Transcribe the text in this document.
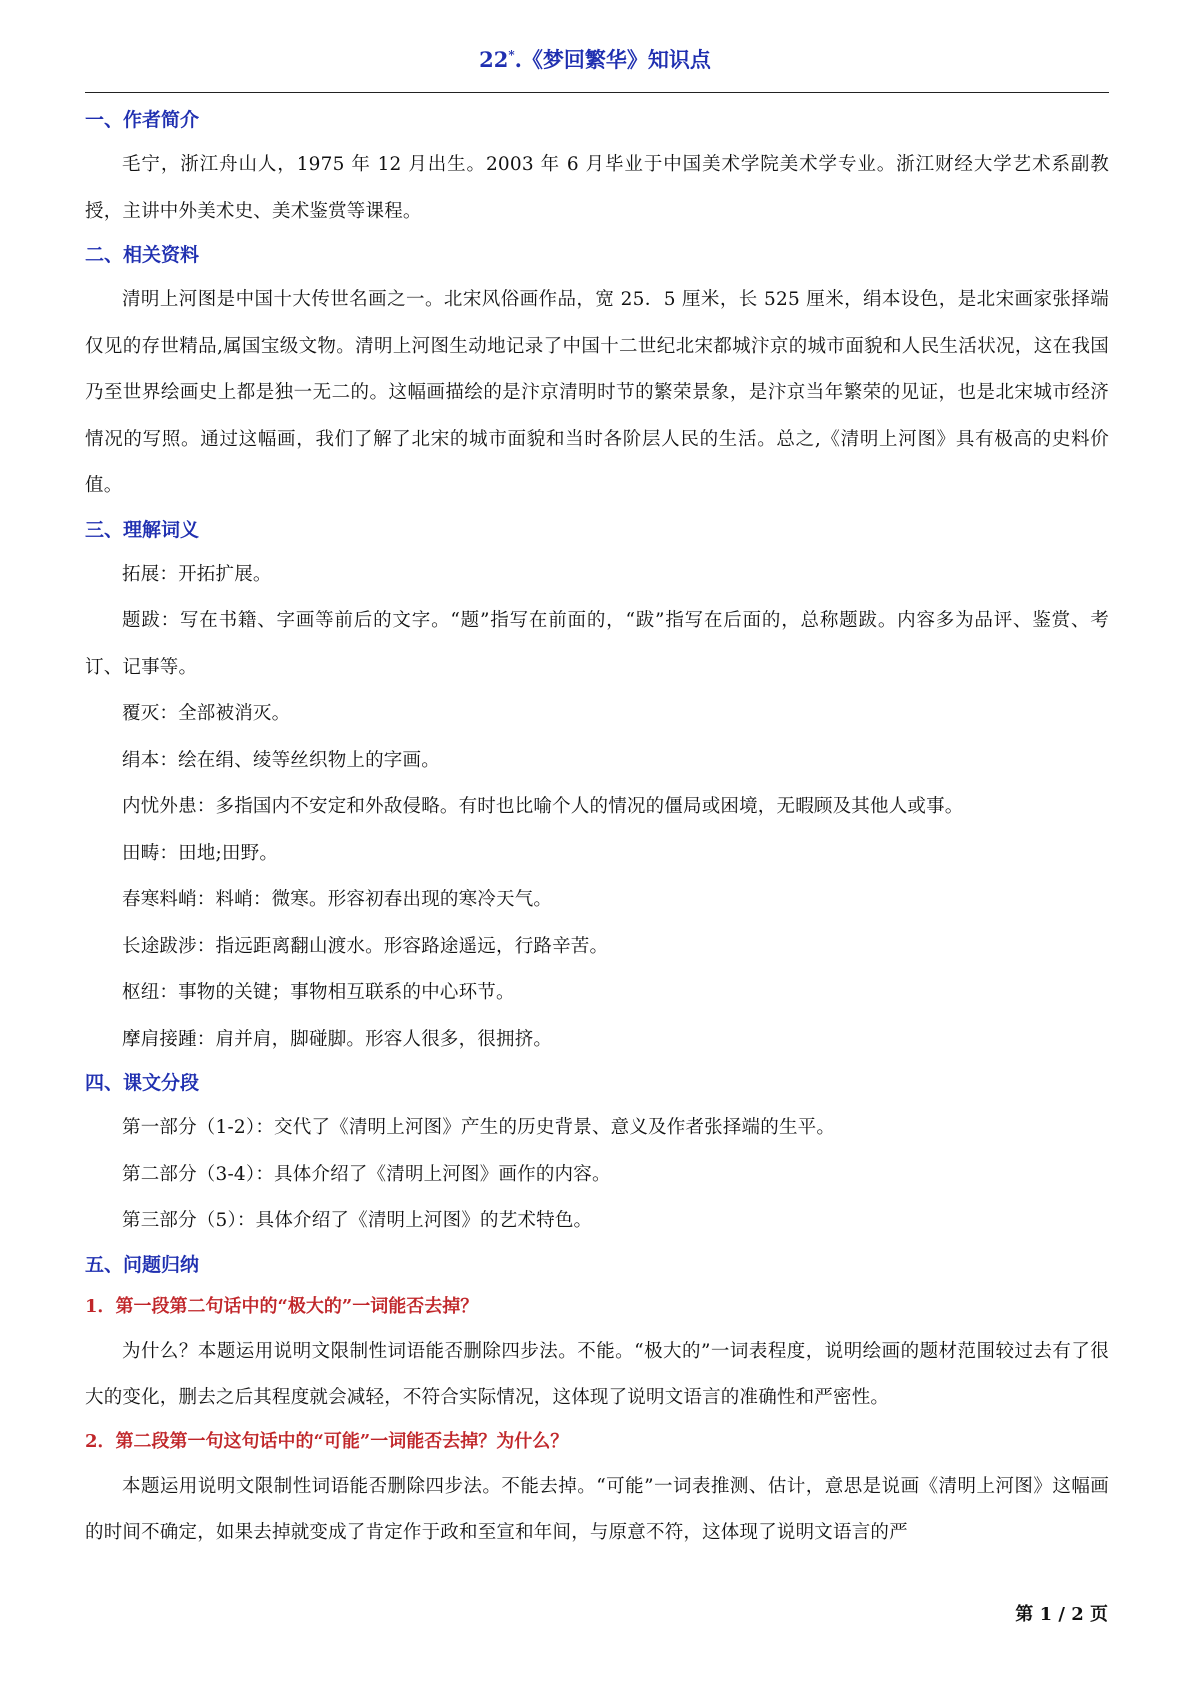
22*.《梦回繁华》知识点
一、作者简介

毛宁，浙江舟山人，1975 年 12 月出生。2003 年 6 月毕业于中国美术学院美术学专业。浙江财经大学艺术系副教授，主讲中外美术史、美术鉴赏等课程。

二、相关资料

清明上河图是中国十大传世名画之一。北宋风俗画作品，宽 25．5 厘米，长 525 厘米，绢本设色，是北宋画家张择端仅见的存世精品,属国宝级文物。清明上河图生动地记录了中国十二世纪北宋都城汴京的城市面貌和人民生活状况，这在我国乃至世界绘画史上都是独一无二的。这幅画描绘的是汴京清明时节的繁荣景象，是汴京当年繁荣的见证，也是北宋城市经济情况的写照。通过这幅画，我们了解了北宋的城市面貌和当时各阶层人民的生活。总之,《清明上河图》具有极高的史料价值。

三、理解词义

拓展：开拓扩展。

题跋：写在书籍、字画等前后的文字。“题”指写在前面的，“跋”指写在后面的，总称题跋。内容多为品评、鉴赏、考订、记事等。

覆灭：全部被消灭。

绢本：绘在绢、绫等丝织物上的字画。

内忧外患：多指国内不安定和外敌侵略。有时也比喻个人的情况的僵局或困境，无暇顾及其他人或事。

田畴：田地;田野。

春寒料峭：料峭：微寒。形容初春出现的寒冷天气。

长途跋涉：指远距离翻山渡水。形容路途遥远，行路辛苦。

枢纽：事物的关键；事物相互联系的中心环节。

摩肩接踵：肩并肩，脚碰脚。形容人很多，很拥挤。

四、课文分段

第一部分（1-2）：交代了《清明上河图》产生的历史背景、意义及作者张择端的生平。

第二部分（3-4）：具体介绍了《清明上河图》画作的内容。

第三部分（5）：具体介绍了《清明上河图》的艺术特色。

五、问题归纳
1．第一段第二句话中的“极大的”一词能否去掉？

为什么？本题运用说明文限制性词语能否删除四步法。不能。“极大的”一词表程度，说明绘画的题材范围较过去有了很大的变化，删去之后其程度就会减轻，不符合实际情况，这体现了说明文语言的准确性和严密性。

2．第二段第一句这句话中的“可能”一词能否去掉？为什么？

本题运用说明文限制性词语能否删除四步法。不能去掉。“可能”一词表推测、估计，意思是说画《清明上河图》这幅画的时间不确定，如果去掉就变成了肯定作于政和至宣和年间，与原意不符，这体现了说明文语言的严

第 1 / 2 页
